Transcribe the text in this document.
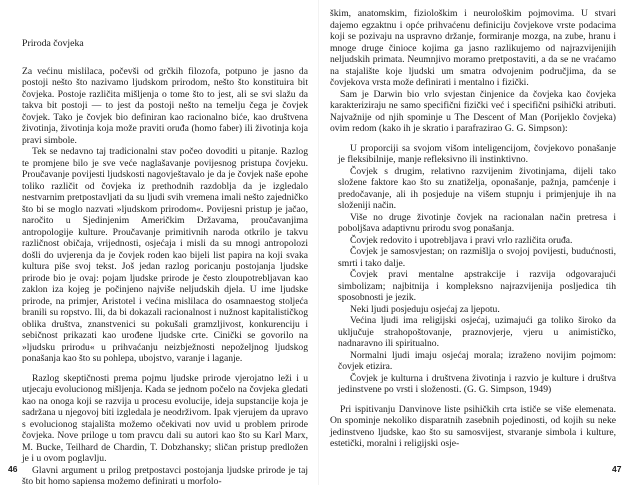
Priroda čovjeka

Za većinu mislilaca, počevši od grčkih filozofa, potpuno je jasno da postoji nešto što nazivamo ljudskom prirodom, nešto što konstituira bit čovjeka. Postoje različita mišljenja o tome što to jest, ali se svi slažu da takva bit postoji — to jest da postoji nešto na temelju čega je čovjek čovjek. Tako je čovjek bio definiran kao racionalno biće, kao društvena životinja, životinja koja može praviti oruđa (homo faber) ili životinja koja pravi simbole.

Tek se nedavno taj tradicionalni stav počeo dovoditi u pitanje. Razlog te promjene bilo je sve veće naglašavanje povijesnog pristupa čovjeku. Proučavanje povijesti ljudskosti nagovještavalo je da je čovjek naše epohe toliko različit od čovjeka iz prethodnih razdoblja da je izgledalo nestvarnim pretpostavljati da su ljudi svih vremena imali nešto zajedničko što bi se moglo nazvati »ljudskom prirodom«. Povijesni pristup je jačao, naročito u Sjedinjenim Američkim Državama, proučavanjima antropologije kulture. Proučavanje primitivnih naroda otkrilo je takvu različnost običaja, vrijednosti, osjećaja i misli da su mnogi antropolozi došli do uvjerenja da je čovjek roden kao bijeli list papira na koji svaka kultura piše svoj tekst. Još jedan razlog poricanju postojanja ljudske prirode bio je ovaj: pojam ljudske prirode je često zloupotrebljavan kao zaklon iza kojeg je počinjeno najviše neljudskih djela. U ime ljudske prirode, na primjer, Aristotel i većina mislilaca do osamnaestog stoljeća branili su ropstvo. Ili, da bi dokazali racionalnost i nužnost kapitalističkog oblika društva, znanstvenici su pokušali gramzljivost, konkurenciju i sebičnost prikazati kao urođene ljudske crte. Cinički se govorilo na »ljudsku prirodu« u prihvaćanju neizbježnosti nepoželjnog ljudskog ponašanja kao što su pohlepa, ubojstvo, varanje i laganje.

Razlog skeptičnosti prema pojmu ljudske prirode vjerojatno leži i u utjecaju evolucionog mišljenja. Kada se jednom počelo na čovjeka gledati kao na onoga koji se razvija u procesu evolucije, ideja supstancije koja je sadržana u njegovoj biti izgledala je neodrživom. Ipak vjerujem da upravo s evolucionog stajališta možemo očekivati nov uvid u problem prirode čovjeka. Nove priloge u tom pravcu dali su autori kao što su Karl Marx, M. Bucke, Teilhard de Chardin, T. Dobzhansky; sličan pristup predložen je i u ovom poglavlju.

Glavni argument u prilog pretpostavci postojanja ljudske prirode je taj što bit homo sapiensa možemo definirati u morfolo-

škim, anatomskim, fiziološkim i neurološkim pojmovima. U stvari dajemo egzaktnu i opće prihvaćenu definiciju čovjekove vrste podacima koji se pozivaju na uspravno držanje, formiranje mozga, na zube, hranu i mnoge druge činioce kojima ga jasno razlikujemo od najrazvijenijih neljudskih primata. Neumnjivo moramo pretpostaviti, a da se ne vraćamo na stajalište koje ljudski um smatra odvojenim područjima, da se čovjekova vrsta može definirati i mentalno i fizički.

Sam je Darwin bio vrlo svjestan činjenice da čovjeka kao čovjeka karakteriziraju ne samo specifični fizički već i specifični psihički atributi. Najvažnije od njih spominje u The Descent of Man (Porijeklo čovjeka) ovim redom (kako ih je skratio i parafrazirao G. G. Simpson):

U proporciji sa svojom višom inteligencijom, čovjekovo ponašanje je fleksibilnije, manje refleksivno ili instinktivno.

Čovjek s drugim, relativno razvijenim životinjama, dijeli tako složene faktore kao što su znatiželja, oponašanje, pažnja, pamćenje i predočavanje, ali ih posjeduje na višem stupnju i primjenjuje ih na složeniji način.

Više no druge životinje čovjek na racionalan način pretresa i poboljšava adaptivnu prirodu svog ponašanja.

Čovjek redovito i upotrebljava i pravi vrlo različita oruđa.

Čovjek je samosvjestan; on razmišlja o svojoj povijesti, budućnosti, smrti i tako dalje.

Čovjek pravi mentalne apstrakcije i razvija odgovarajući simbolizam; najbitnija i kompleksno najrazvijenija posljedica tih sposobnosti je jezik.

Neki ljudi posjeduju osjećaj za ljepotu.

Većina ljudi ima religijski osjećaj, uzimajući ga toliko široko da uključuje strahopoštovanje, praznovjerje, vjeru u animističko, nadnaravno ili spiritualno.

Normalni ljudi imaju osjećaj morala; izraženo novijim pojmom: čovjek etizira.

Čovjek je kulturna i društvena životinja i razvio je kulture i društva jedinstvene po vrsti i složenosti. (G. G. Simpson, 1949)

Pri ispitivanju Danvinove liste psihičkih crta ističe se više elemenata. On spominje nekoliko disparatnih zasebnih pojedinosti, od kojih su neke jedinstveno ljudske, kao što su samosvijest, stvaranje simbola i kulture, estetički, moralni i religijski osje-

46	47
